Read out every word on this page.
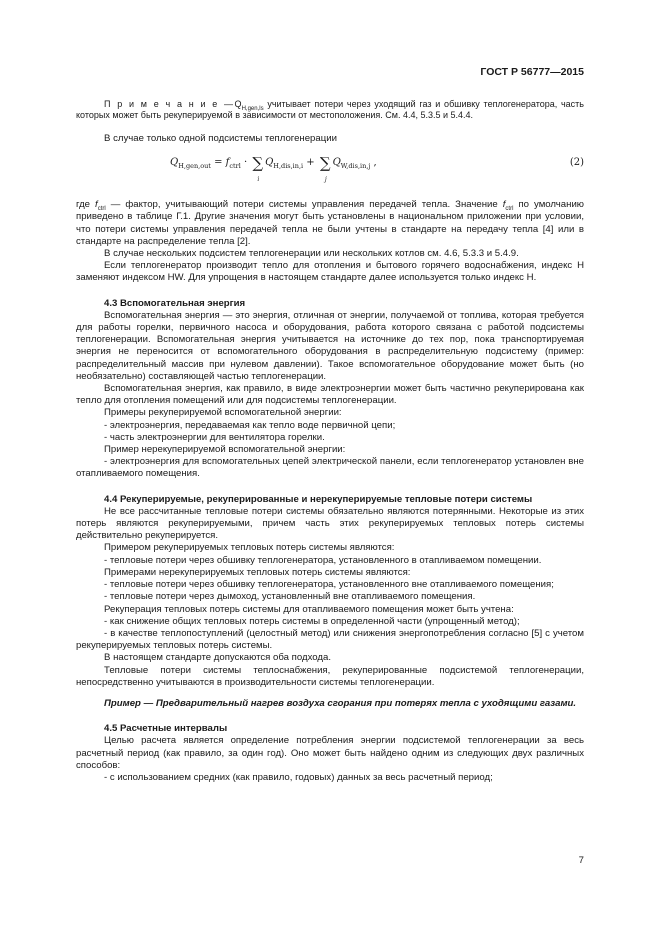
ГОСТ Р 56777—2015

П р и м е ч а н и е $—Q_{H,gen,ls}$ учитывает потери через уходящий газ и обшивку теплогенератора, часть которых может быть рекуперируемой в зависимости от местоположения. См. 4.4, 5.3.5 и 5.4.4.

В случае только одной подсистемы теплогенерации

$Q_{H,gen,out} = f_{ctrl}$ · ∑
i
$Q_{H,dis,in,i}$ + ∑
j
$Q_{W,dis,in,j}$ ,	(2)

где $f_{ctrl}$ — фактор, учитывающий потери системы управления передачей тепла. Значение $f_{ctrl}$ по умолчанию приведено в таблице Г.1. Другие значения могут быть установлены в национальном приложении при условии, что потери системы управления передачей тепла не были учтены в стандарте на передачу тепла [4] или в стандарте на распределение тепла [2].

В случае нескольких подсистем теплогенерации или нескольких котлов см. 4.6, 5.3.3 и 5.4.9.

Если теплогенератор производит тепло для отопления и бытового горячего водоснабжения, индекс H заменяют индексом HW. Для упрощения в настоящем стандарте далее используется только индекс H.

4.3 Вспомогательная энергия

Вспомогательная энергия — это энергия, отличная от энергии, получаемой от топлива, которая требуется для работы горелки, первичного насоса и оборудования, работа которого связана с работой подсистемы теплогенерации. Вспомогательная энергия учитывается на источнике до тех пор, пока транспортируемая энергия не переносится от вспомогательного оборудования в распределительную подсистему (пример: распределительный массив при нулевом давлении). Такое вспомогательное оборудование может быть (но необязательно) составляющей частью теплогенерации.

Вспомогательная энергия, как правило, в виде электроэнергии может быть частично рекуперирована как тепло для отопления помещений или для подсистемы теплогенерации.

Примеры рекуперируемой вспомогательной энергии:

- электроэнергия, передаваемая как тепло воде первичной цепи;

- часть электроэнергии для вентилятора горелки.

Пример нерекуперируемой вспомогательной энергии:

- электроэнергия для вспомогательных цепей электрической панели, если теплогенератор установлен вне отапливаемого помещения.

4.4 Рекуперируемые, рекуперированные и нерекуперируемые тепловые потери системы

Не все рассчитанные тепловые потери системы обязательно являются потерянными. Некоторые из этих потерь являются рекуперируемыми, причем часть этих рекуперируемых тепловых потерь системы действительно рекуперируется.

Примером рекуперируемых тепловых потерь системы являются:

- тепловые потери через обшивку теплогенератора, установленного в отапливаемом помещении.

Примерами нерекуперируемых тепловых потерь системы являются:

- тепловые потери через обшивку теплогенератора, установленного вне отапливаемого помещения;

- тепловые потери через дымоход, установленный вне отапливаемого помещения.

Рекуперация тепловых потерь системы для отапливаемого помещения может быть учтена:

- как снижение общих тепловых потерь системы в определенной части (упрощенный метод);

- в качестве теплопоступлений (целостный метод) или снижения энергопотребления согласно [5] с учетом рекуперируемых тепловых потерь системы.

В настоящем стандарте допускаются оба подхода.

Тепловые потери системы теплоснабжения, рекуперированные подсистемой теплогенерации, непосредственно учитываются в производительности системы теплогенерации.

Пример — Предварительный нагрев воздуха сгорания при потерях тепла с уходящими газами.

4.5 Расчетные интервалы

Целью расчета является определение потребления энергии подсистемой теплогенерации за весь расчетный период (как правило, за один год). Оно может быть найдено одним из следующих двух различных способов:

- с использованием средних (как правило, годовых) данных за весь расчетный период;

7
